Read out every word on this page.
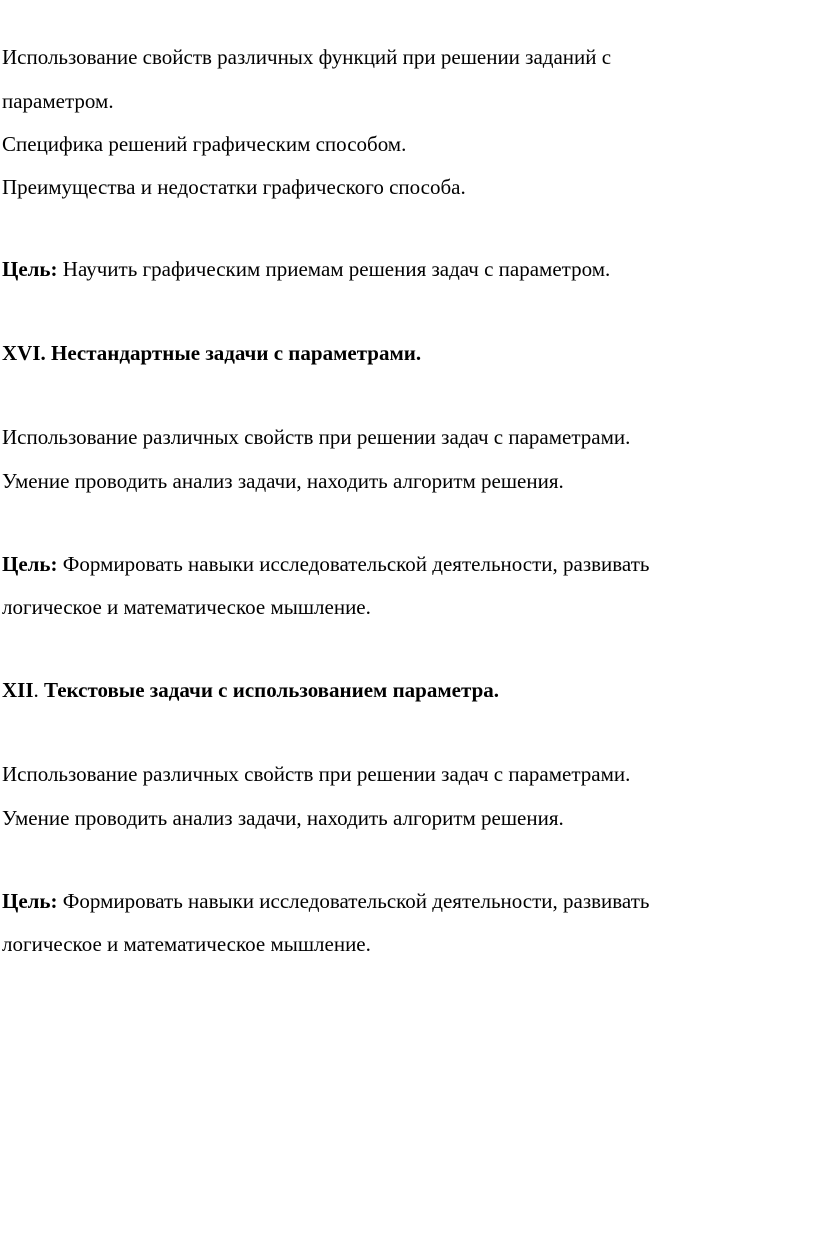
Использование свойств различных функций при решении заданий с
параметром.
Специфика решений графическим способом.
Преимущества и недостатки графического способа.
Цель: Научить графическим приемам решения задач с параметром.
XVI. Нестандартные задачи с параметрами.
Использование различных свойств при решении задач с параметрами.
Умение проводить анализ задачи, находить алгоритм решения.
Цель: Формировать навыки исследовательской деятельности, развивать
логическое и математическое мышление.
XII. Текстовые задачи с использованием параметра.
Использование различных свойств при решении задач с параметрами.
Умение проводить анализ задачи, находить алгоритм решения.
Цель: Формировать навыки исследовательской деятельности, развивать
логическое и математическое мышление.
